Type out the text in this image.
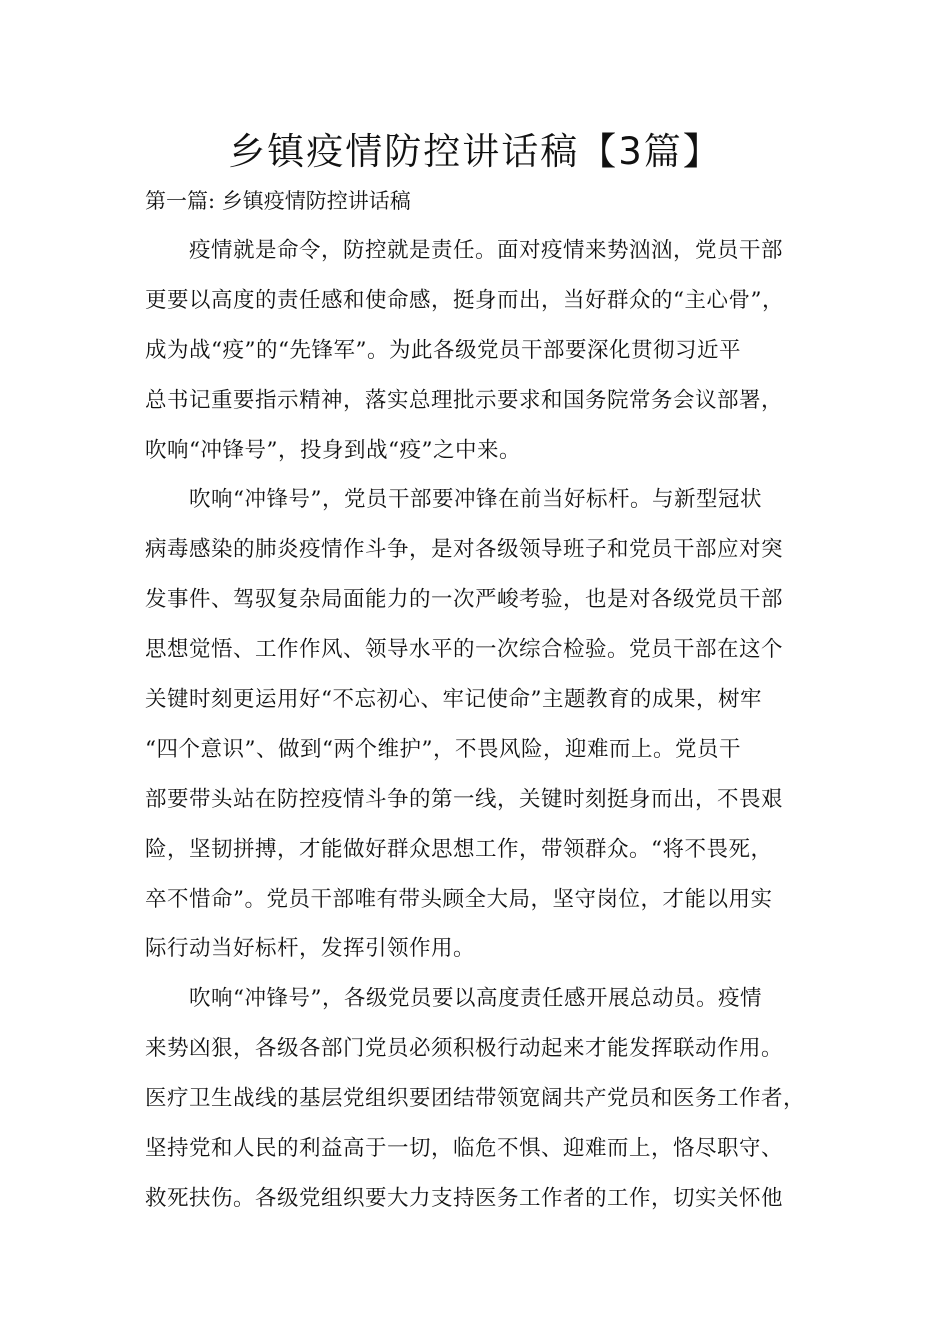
乡镇疫情防控讲话稿【3篇】

第一篇: 乡镇疫情防控讲话稿

疫情就是命令，防控就是责任。面对疫情来势汹汹，党员干部
更要以高度的责任感和使命感，挺身而出，当好群众的“主心骨”，
成为战“疫”的“先锋军”。为此各级党员干部要深化贯彻习近平
总书记重要指示精神，落实总理批示要求和国务院常务会议部署，
吹响“冲锋号”，投身到战“疫”之中来。
吹响“冲锋号”，党员干部要冲锋在前当好标杆。与新型冠状
病毒感染的肺炎疫情作斗争，是对各级领导班子和党员干部应对突
发事件、驾驭复杂局面能力的一次严峻考验，也是对各级党员干部
思想觉悟、工作作风、领导水平的一次综合检验。党员干部在这个
关键时刻更运用好“不忘初心、牢记使命”主题教育的成果，树牢
“四个意识”、做到“两个维护”，不畏风险，迎难而上。党员干
部要带头站在防控疫情斗争的第一线，关键时刻挺身而出，不畏艰
险，坚韧拼搏，才能做好群众思想工作，带领群众。“将不畏死，
卒不惜命”。党员干部唯有带头顾全大局，坚守岗位，才能以用实
际行动当好标杆，发挥引领作用。
吹响“冲锋号”，各级党员要以高度责任感开展总动员。疫情
来势凶狠，各级各部门党员必须积极行动起来才能发挥联动作用。
医疗卫生战线的基层党组织要团结带领宽阔共产党员和医务工作者，
坚持党和人民的利益高于一切，临危不惧、迎难而上，恪尽职守、
救死扶伤。各级党组织要大力支持医务工作者的工作，切实关怀他
